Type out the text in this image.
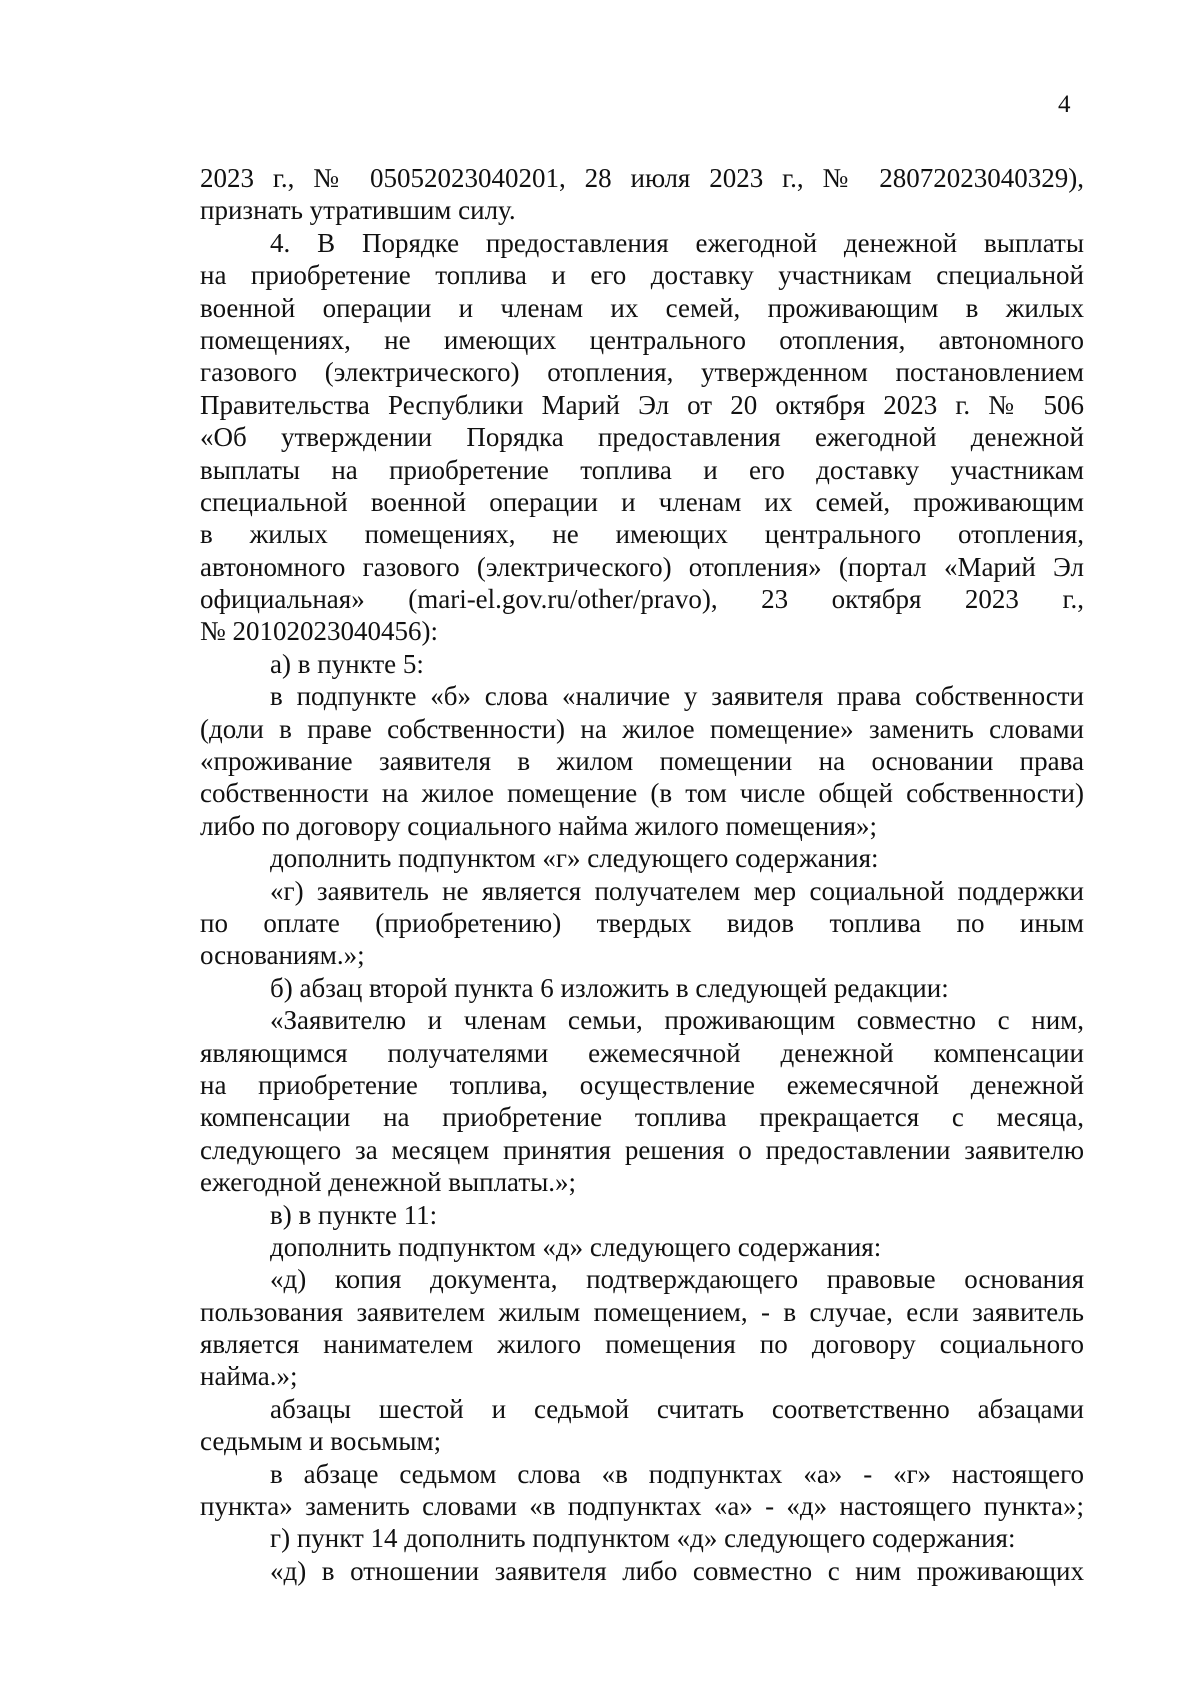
4
2023 г., № 05052023040201, 28 июля 2023 г., № 28072023040329),
признать утратившим силу.
4. В Порядке предоставления ежегодной денежной выплаты
на приобретение топлива и его доставку участникам специальной
военной операции и членам их семей, проживающим в жилых
помещениях, не имеющих центрального отопления, автономного
газового (электрического) отопления, утвержденном постановлением
Правительства Республики Марий Эл от 20 октября 2023 г. № 506
«Об утверждении Порядка предоставления ежегодной денежной
выплаты на приобретение топлива и его доставку участникам
специальной военной операции и членам их семей, проживающим
в жилых помещениях, не имеющих центрального отопления,
автономного газового (электрического) отопления» (портал «Марий Эл
официальная» (mari-el.gov.ru/other/pravo), 23 октября 2023 г.,
№ 20102023040456):
а) в пункте 5:
в подпункте «б» слова «наличие у заявителя права собственности
(доли в праве собственности) на жилое помещение» заменить словами
«проживание заявителя в жилом помещении на основании права
собственности на жилое помещение (в том числе общей собственности)
либо по договору социального найма жилого помещения»;
дополнить подпунктом «г» следующего содержания:
«г) заявитель не является получателем мер социальной поддержки
по оплате (приобретению) твердых видов топлива по иным
основаниям.»;
б) абзац второй пункта 6 изложить в следующей редакции:
«Заявителю и членам семьи, проживающим совместно с ним,
являющимся получателями ежемесячной денежной компенсации
на приобретение топлива, осуществление ежемесячной денежной
компенсации на приобретение топлива прекращается с месяца,
следующего за месяцем принятия решения о предоставлении заявителю
ежегодной денежной выплаты.»;
в) в пункте 11:
дополнить подпунктом «д» следующего содержания:
«д) копия документа, подтверждающего правовые основания
пользования заявителем жилым помещением, - в случае, если заявитель
является нанимателем жилого помещения по договору социального
найма.»;
абзацы шестой и седьмой считать соответственно абзацами
седьмым и восьмым;
в абзаце седьмом слова «в подпунктах «а» - «г» настоящего
пункта» заменить словами «в подпунктах «а» - «д» настоящего пункта»;
г) пункт 14 дополнить подпунктом «д» следующего содержания:
«д) в отношении заявителя либо совместно с ним проживающих
